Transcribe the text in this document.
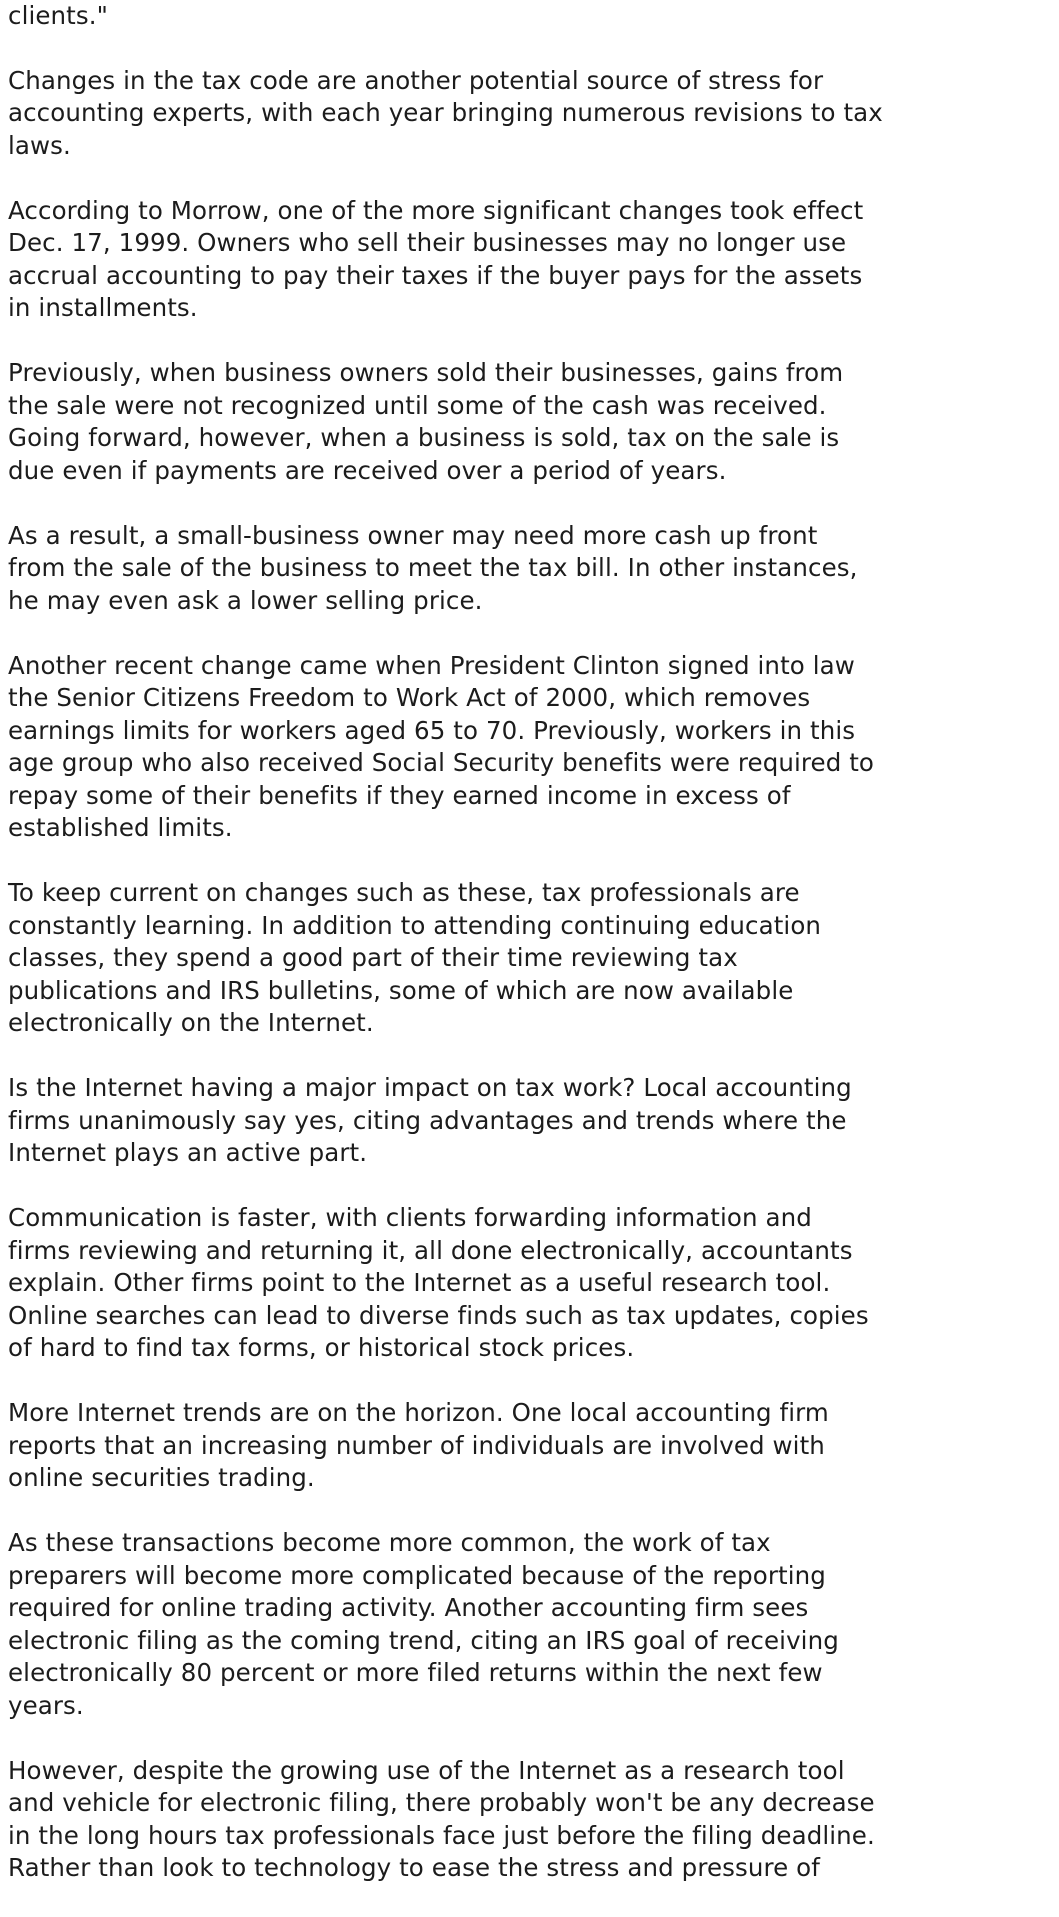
clients."
Changes in the tax code are another potential source of stress for
accounting experts, with each year bringing numerous revisions to tax
laws.
According to Morrow, one of the more significant changes took effect
Dec. 17, 1999. Owners who sell their businesses may no longer use
accrual accounting to pay their taxes if the buyer pays for the assets
in installments.
Previously, when business owners sold their businesses, gains from
the sale were not recognized until some of the cash was received.
Going forward, however, when a business is sold, tax on the sale is
due even if payments are received over a period of years.
As a result, a small-business owner may need more cash up front
from the sale of the business to meet the tax bill. In other instances,
he may even ask a lower selling price.
Another recent change came when President Clinton signed into law
the Senior Citizens Freedom to Work Act of 2000, which removes
earnings limits for workers aged 65 to 70. Previously, workers in this
age group who also received Social Security benefits were required to
repay some of their benefits if they earned income in excess of
established limits.
To keep current on changes such as these, tax professionals are
constantly learning. In addition to attending continuing education
classes, they spend a good part of their time reviewing tax
publications and IRS bulletins, some of which are now available
electronically on the Internet.
Is the Internet having a major impact on tax work? Local accounting
firms unanimously say yes, citing advantages and trends where the
Internet plays an active part.
Communication is faster, with clients forwarding information and
firms reviewing and returning it, all done electronically, accountants
explain. Other firms point to the Internet as a useful research tool.
Online searches can lead to diverse finds such as tax updates, copies
of hard to find tax forms, or historical stock prices.
More Internet trends are on the horizon. One local accounting firm
reports that an increasing number of individuals are involved with
online securities trading.
As these transactions become more common, the work of tax
preparers will become more complicated because of the reporting
required for online trading activity. Another accounting firm sees
electronic filing as the coming trend, citing an IRS goal of receiving
electronically 80 percent or more filed returns within the next few
years.
However, despite the growing use of the Internet as a research tool
and vehicle for electronic filing, there probably won't be any decrease
in the long hours tax professionals face just before the filing deadline.
Rather than look to technology to ease the stress and pressure of
